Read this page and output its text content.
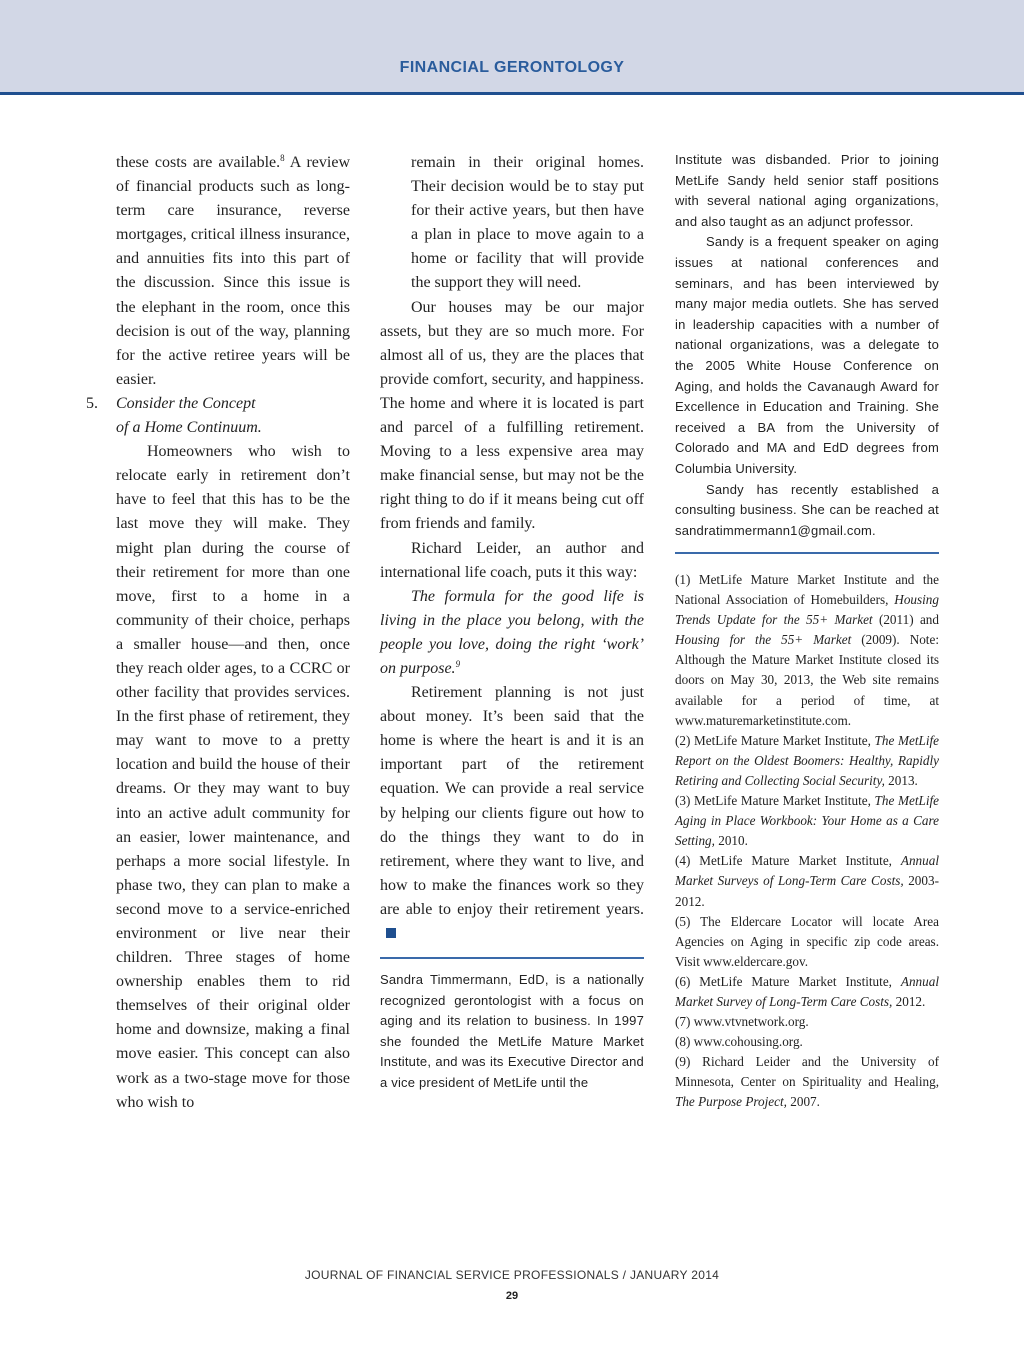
FINANCIAL GERONTOLOGY

these costs are available.$^8$ A review of financial products such as long-term care insurance, reverse mortgages, critical illness insurance, and annuities fits into this part of the discussion. Since this issue is the elephant in the room, once this decision is out of the way, planning for the active retiree years will be easier.

5. Consider the Concept
of a Home Continuum.

Homeowners who wish to relocate early in retirement don’t have to feel that this has to be the last move they will make. They might plan during the course of their retirement for more than one move, first to a home in a community of their choice, perhaps a smaller house—and then, once they reach older ages, to a CCRC or other facility that provides services. In the first phase of retirement, they may want to move to a pretty location and build the house of their dreams. Or they may want to buy into an active adult community for an easier, lower maintenance, and perhaps a more social lifestyle. In phase two, they can plan to make a second move to a service-enriched environment or live near their children. Three stages of home ownership enables them to rid themselves of their original older home and downsize, making a final move easier. This concept can also work as a two-stage move for those who wish to

remain in their original homes. Their decision would be to stay put for their active years, but then have a plan in place to move again to a home or facility that will provide the support they will need.

Our houses may be our major assets, but they are so much more. For almost all of us, they are the places that provide comfort, security, and happiness. The home and where it is located is part and parcel of a fulfilling retirement. Moving to a less expensive area may make financial sense, but may not be the right thing to do if it means being cut off from friends and family.

Richard Leider, an author and international life coach, puts it this way:

The formula for the good life is living in the place you belong, with the people you love, doing the right ‘work’ on purpose.$^9$

Retirement planning is not just about money. It’s been said that the home is where the heart is and it is an important part of the retirement equation. We can provide a real service by helping our clients figure out how to do the things they want to do in retirement, where they want to live, and how to make the finances work so they are able to enjoy their retirement years.

Sandra Timmermann, EdD, is a nationally recognized gerontologist with a focus on aging and its relation to business. In 1997 she founded the MetLife Mature Market Institute, and was its Executive Director and a vice president of MetLife until the

Institute was disbanded. Prior to joining MetLife Sandy held senior staff positions with several national aging organizations, and also taught as an adjunct professor.

Sandy is a frequent speaker on aging issues at national conferences and seminars, and has been interviewed by many major media outlets. She has served in leadership capacities with a number of national organizations, was a delegate to the 2005 White House Conference on Aging, and holds the Cavanaugh Award for Excellence in Education and Training. She received a BA from the University of Colorado and MA and EdD degrees from Columbia University.

Sandy has recently established a consulting business. She can be reached at sandratimmermann1@gmail.com.

(1) MetLife Mature Market Institute and the National Association of Homebuilders, Housing Trends Update for the 55+ Market (2011) and Housing for the 55+ Market (2009). Note: Although the Mature Market Institute closed its doors on May 30, 2013, the Web site remains available for a period of time, at www.maturemarketinstitute.com.

(2) MetLife Mature Market Institute, The MetLife Report on the Oldest Boomers: Healthy, Rapidly Retiring and Collecting Social Security, 2013.

(3) MetLife Mature Market Institute, The MetLife Aging in Place Workbook: Your Home as a Care Setting, 2010.

(4) MetLife Mature Market Institute, Annual Market Surveys of Long-Term Care Costs, 2003-2012.

(5) The Eldercare Locator will locate Area Agencies on Aging in specific zip code areas. Visit www.eldercare.gov.

(6) MetLife Mature Market Institute, Annual Market Survey of Long-Term Care Costs, 2012.

(7) www.vtvnetwork.org.

(8) www.cohousing.org.

(9) Richard Leider and the University of Minnesota, Center on Spirituality and Healing, The Purpose Project, 2007.

JOURNAL OF FINANCIAL SERVICE PROFESSIONALS / JANUARY 2014
29
